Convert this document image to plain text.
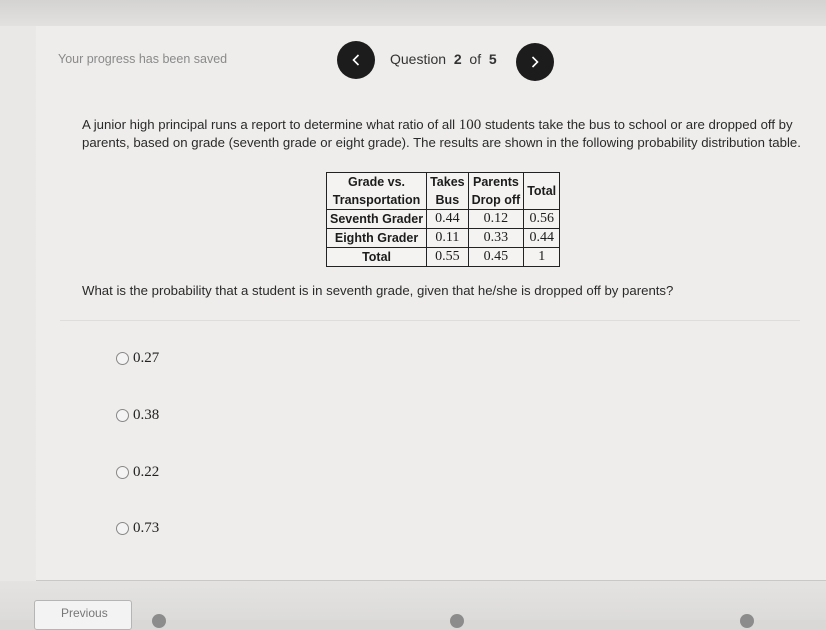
Your progress has been saved	Question 2 of 5
A junior high principal runs a report to determine what ratio of all 100 students take the bus to school or are dropped off by parents, based on grade (seventh grade or eight grade). The results are shown in the following probability distribution table.
Grade vs.	Takes	Parents	Total
Transportation	Bus	Drop off	
Seventh Grader	0.44	0.12	0.56
Eighth Grader	0.11	0.33	0.44
Total	0.55	0.45	1
What is the probability that a student is in seventh grade, given that he/she is dropped off by parents?
0.27
0.38
0.22
0.73
Previous
